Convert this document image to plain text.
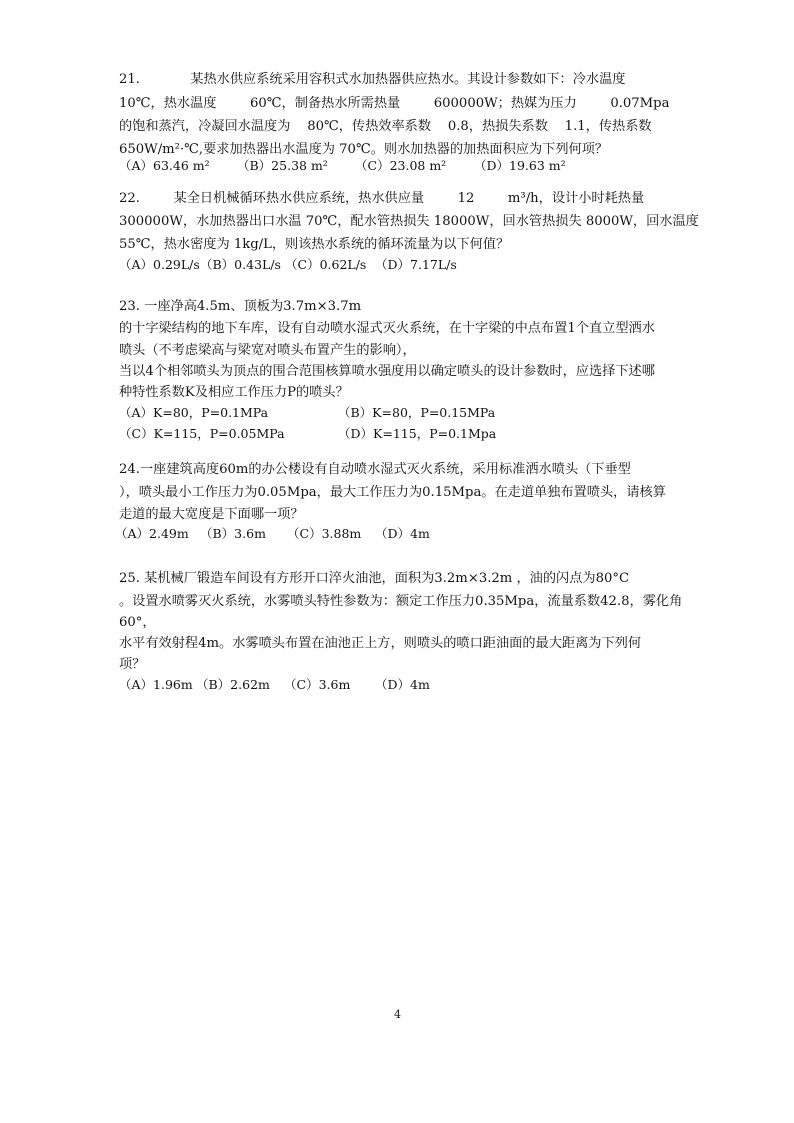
21.            某热水供应系统采用容积式水加热器供应热水。其设计参数如下：冷水温度
10℃，热水温度        60℃，制备热水所需热量        600000W；热媒为压力        0.07Mpa
的饱和蒸汽，冷凝回水温度为    80℃，传热效率系数    0.8，热损失系数    1.1，传热系数
650W/m²·℃,要求加热器出水温度为 70℃。则水加热器的加热面积应为下列何项？
（A）63.46 m² （B）25.38 m² （C）23.08 m² （D）19.63 m²
22.        某全日机械循环热水供应系统，热水供应量        12        m³/h，设计小时耗热量
300000W，水加热器出口水温 70℃，配水管热损失 18000W，回水管热损失 8000W，回水温度
55℃，热水密度为 1kg/L，则该热水系统的循环流量为以下何值？
（A）0.29L/s （B）0.43L/s （C）0.62L/s （D）7.17L/s
23. 一座净高4.5m、顶板为3.7m×3.7m
的十字梁结构的地下车库，设有自动喷水湿式灭火系统，在十字梁的中点布置1个直立型洒水
喷头（不考虑梁高与梁宽对喷头布置产生的影响），
当以4个相邻喷头为顶点的围合范围核算喷水强度用以确定喷头的设计参数时，应选择下述哪
种特性系数K及相应工作压力P的喷头？
（A）K=80，P=0.1MPa	（B）K=80，P=0.15MPa
（C）K=115，P=0.05MPa	（D）K=115，P=0.1Mpa
24.一座建筑高度60m的办公楼设有自动喷水湿式灭火系统，采用标准洒水喷头（下垂型
），喷头最小工作压力为0.05Mpa，最大工作压力为0.15Mpa。在走道单独布置喷头，请核算
走道的最大宽度是下面哪一项？
（A）2.49m （B）3.6m （C）3.88m （D）4m
25. 某机械厂锻造车间设有方形开口淬火油池，面积为3.2m×3.2m ，油的闪点为80°C
。设置水喷雾灭火系统，水雾喷头特性参数为：额定工作压力0.35Mpa，流量系数42.8，雾化角
60°，
水平有效射程4m。水雾喷头布置在油池正上方，则喷头的喷口距油面的最大距离为下列何
项？
（A）1.96m （B）2.62m （C）3.6m （D）4m
4
